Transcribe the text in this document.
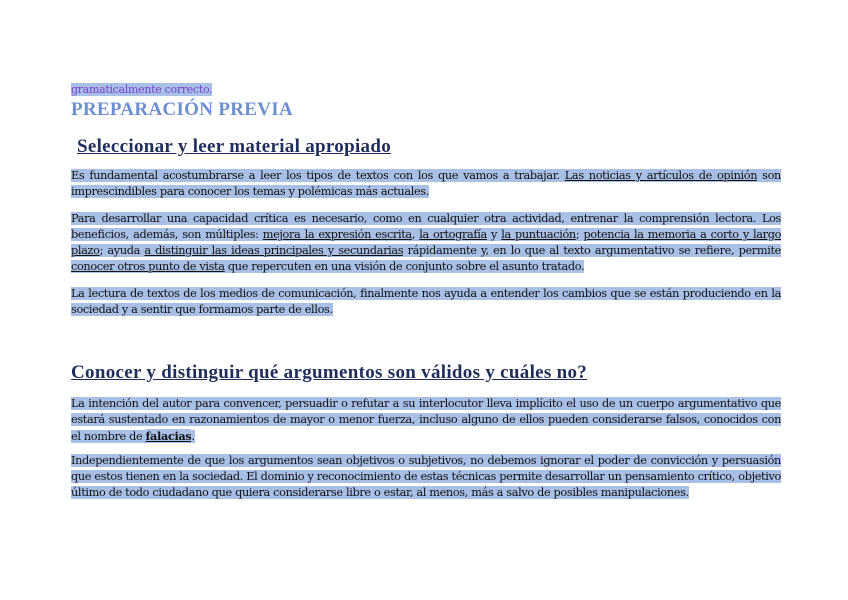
gramaticalmente correcto.
PREPARACIÓN PREVIA
Seleccionar y leer material apropiado
Es fundamental acostumbrarse a leer los tipos de textos con los que vamos a trabajar. Las noticias y artículos de opinión son imprescindibles para conocer los temas y polémicas más actuales.
Para desarrollar una capacidad crítica es necesario, como en cualquier otra actividad, entrenar la comprensión lectora. Los beneficios, además, son múltiples: mejora la expresión escrita, la ortografía y la puntuación; potencia la memoria a corto y largo plazo; ayuda a distinguir las ideas principales y secundarias rápidamente y, en lo que al texto argumentativo se refiere, permite conocer otros punto de vista que repercuten en una visión de conjunto sobre el asunto tratado.
La lectura de textos de los medios de comunicación, finalmente nos ayuda a entender los cambios que se están produciendo en la sociedad y a sentir que formamos parte de ellos.
Conocer y distinguir qué argumentos son válidos y cuáles no?
La intención del autor para convencer, persuadir o refutar a su interlocutor lleva implícito el uso de un cuerpo argumentativo que estará sustentado en razonamientos de mayor o menor fuerza, incluso alguno de ellos pueden considerarse falsos, conocidos con el nombre de falacias.
Independientemente de que los argumentos sean objetivos o subjetivos, no debemos ignorar el poder de convicción y persuasión que estos tienen en la sociedad. El dominio y reconocimiento de estas técnicas permite desarrollar un pensamiento crítico, objetivo último de todo ciudadano que quiera considerarse libre o estar, al menos, más a salvo de posibles manipulaciones.
